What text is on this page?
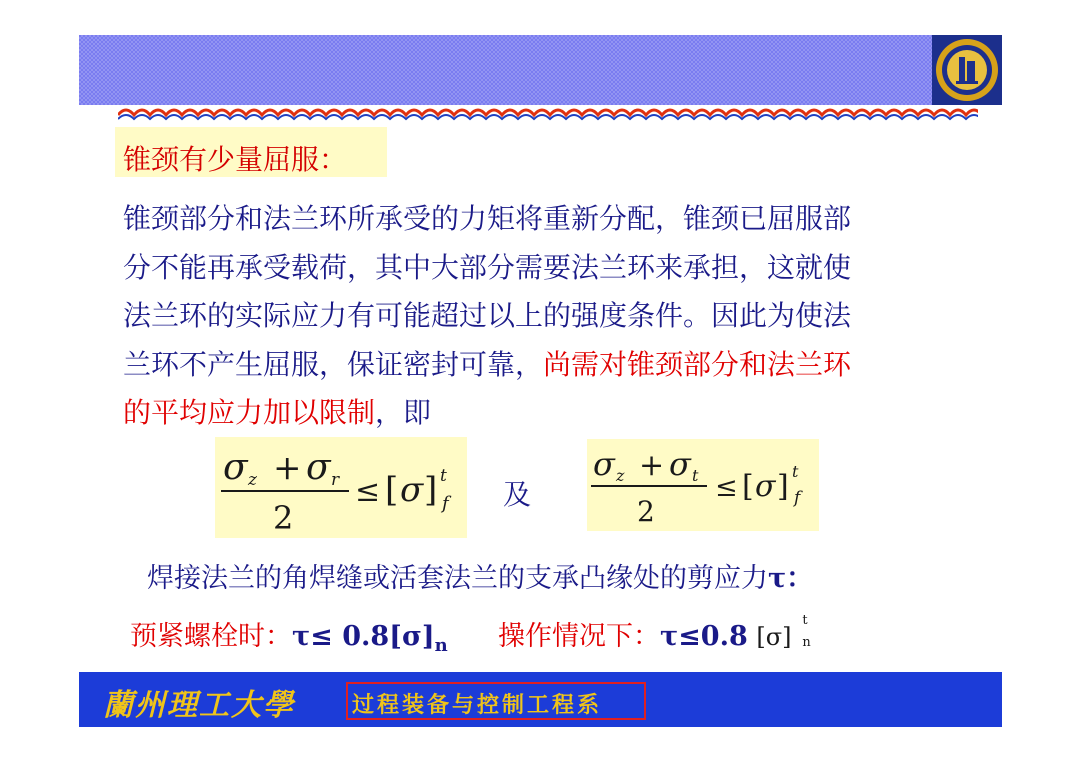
锥颈有少量屈服：
锥颈部分和法兰环所承受的力矩将重新分配，锥颈已屈服部
分不能再承受载荷，其中大部分需要法兰环来承担，这就使
法兰环的实际应力有可能超过以上的强度条件。因此为使法
兰环不产生屈服，保证密封可靠，尚需对锥颈部分和法兰环
的平均应力加以限制，即
σ z + σ r
2
≤ [ σ ] t
f 及
σ z + σ t
2
≤ [ σ ] t
f
焊接法兰的角焊缝或活套法兰的支承凸缘处的剪应力τ：
预紧螺栓时：$\tau\le 0.8[\sigma]_n$ 操作情况下：τ≤0.8 [σ]
t
n
蘭州理工大學	过程装备与控制工程系
